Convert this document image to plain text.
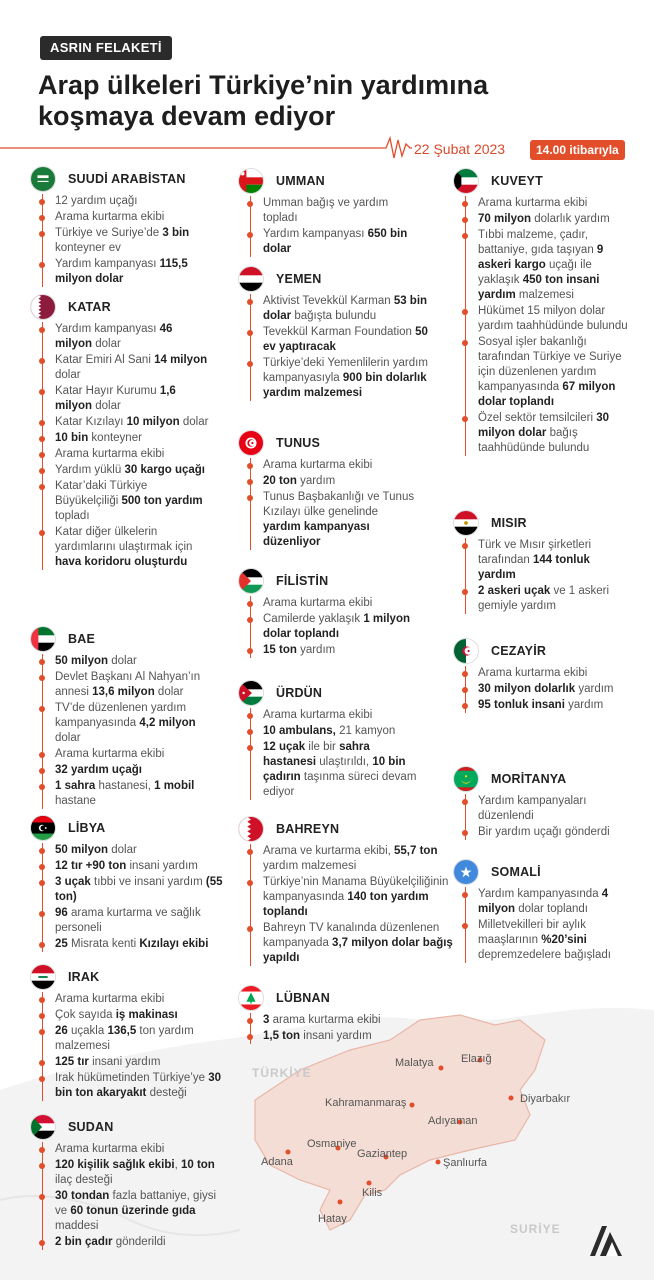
TÜRKİYE
SURİYE
Malatya Elazığ
Kahramanmaraş	Diyarbakır
Adıyaman
Osmaniye
Adana
Gaziantep
Şanlıurfa
Kilis
Hatay
ASRIN FELAKETİ
Arap ülkeleri Türkiye’nin yardımına
koşmaya devam ediyor
22 Şubat 2023	14.00 itibarıyla
SUUDİ ARABİSTAN
12 yardım uçağı
Arama kurtarma ekibi
Türkiye ve Suriye’de 3 bin konteyner ev
Yardım kampanyası 115,5 milyon dolar
KATAR
Yardım kampanyası 46 milyon dolar
Katar Emiri Al Sani 14 milyon dolar
Katar Hayır Kurumu 1,6 milyon dolar
Katar Kızılayı 10 milyon dolar
10 bin konteyner
Arama kurtarma ekibi
Yardım yüklü 30 kargo uçağı
Katar’daki Türkiye Büyükelçiliği 500 ton yardım topladı
Katar diğer ülkelerin yardımlarını ulaştırmak için hava koridoru oluşturdu
BAE
50 milyon dolar
Devlet Başkanı Al Nahyan’ın annesi 13,6 milyon dolar
TV’de düzenlenen yardım kampanyasında 4,2 milyon dolar
Arama kurtarma ekibi
32 yardım uçağı
1 sahra hastanesi, 1 mobil hastane
LİBYA
50 milyon dolar
12 tır +90 ton insani yardım
3 uçak tıbbi ve insani yardım (55 ton)
96 arama kurtarma ve sağlık personeli
25 Misrata kenti Kızılayı ekibi
IRAK
Arama kurtarma ekibi
Çok sayıda iş makinası
26 uçakla 136,5 ton yardım malzemesi
125 tır insani yardım
Irak hükümetinden Türkiye’ye 30 bin ton akaryakıt desteği
SUDAN
Arama kurtarma ekibi
120 kişilik sağlık ekibi, 10 ton ilaç desteği
30 tondan fazla battaniye, giysi ve 60 tonun üzerinde gıda maddesi
2 bin çadır gönderildi
UMMAN
Umman bağış ve yardım topladı
Yardım kampanyası 650 bin dolar
YEMEN
Aktivist Tevekkül Karman 53 bin dolar bağışta bulundu
Tevekkül Karman Foundation 50 ev yaptıracak
Türkiye’deki Yemenlilerin yardım kampanyasıyla 900 bin dolarlık yardım malzemesi
TUNUS
Arama kurtarma ekibi
20 ton yardım
Tunus Başbakanlığı ve Tunus Kızılayı ülke genelinde yardım kampanyası düzenliyor
FİLİSTİN
Arama kurtarma ekibi
Camilerde yaklaşık 1 milyon dolar toplandı
15 ton yardım
ÜRDÜN
Arama kurtarma ekibi
10 ambulans, 21 kamyon
12 uçak ile bir sahra hastanesi ulaştırıldı, 10 bin çadırın taşınma süreci devam ediyor
BAHREYN
Arama ve kurtarma ekibi, 55,7 ton yardım malzemesi
Türkiye’nin Manama Büyükelçiliğinin kampanyasında 140 ton yardım toplandı
Bahreyn TV kanalında düzenlenen kampanyada 3,7 milyon dolar bağış yapıldı
LÜBNAN
3 arama kurtarma ekibi
1,5 ton insani yardım
KUVEYT
Arama kurtarma ekibi
70 milyon dolarlık yardım
Tıbbi malzeme, çadır, battaniye, gıda taşıyan 9 askeri kargo uçağı ile yaklaşık 450 ton insani yardım malzemesi
Hükümet 15 milyon dolar yardım taahhüdünde bulundu
Sosyal işler bakanlığı tarafından Türkiye ve Suriye için düzenlenen yardım kampanyasında 67 milyon dolar toplandı
Özel sektör temsilcileri 30 milyon dolar bağış taahhüdünde bulundu
MISIR
Türk ve Mısır şirketleri tarafından 144 tonluk yardım
2 askeri uçak ve 1 askeri gemiyle yardım
CEZAYİR
Arama kurtarma ekibi
30 milyon dolarlık yardım
95 tonluk insani yardım
MORİTANYA
Yardım kampanyaları düzenlendi
Bir yardım uçağı gönderdi
SOMALİ
Yardım kampanyasında 4 milyon dolar toplandı
Milletvekilleri bir aylık maaşlarının %20’sini depremzedelere bağışladı
